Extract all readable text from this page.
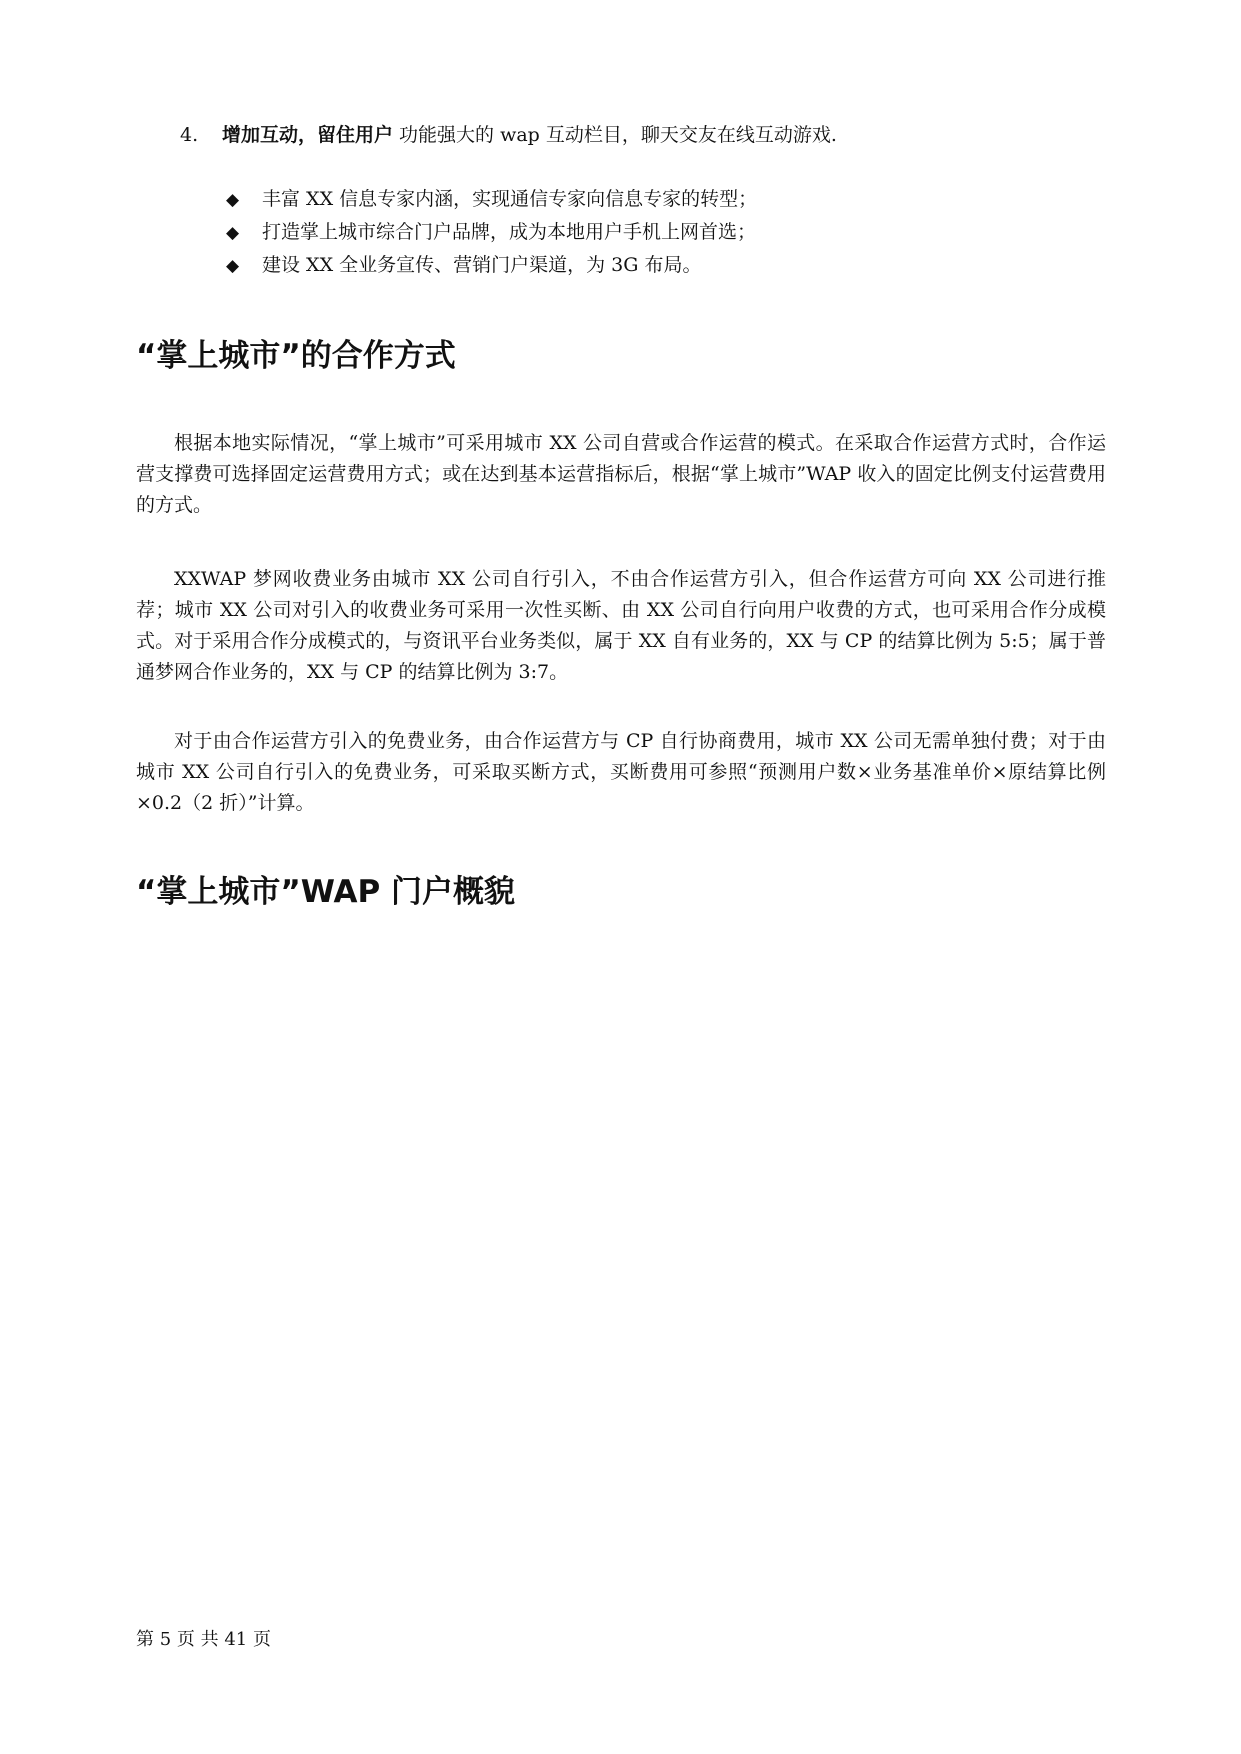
4. 增加互动，留住用户 功能强大的 wap 互动栏目，聊天交友在线互动游戏.
◆ 丰富 XX 信息专家内涵，实现通信专家向信息专家的转型；
◆ 打造掌上城市综合门户品牌，成为本地用户手机上网首选；
◆ 建设 XX 全业务宣传、营销门户渠道，为 3G 布局。
“掌上城市”的合作方式

根据本地实际情况，“掌上城市”可采用城市 XX 公司自营或合作运营的模式。在采取合作运营方式时，合作运营支撑费可选择固定运营费用方式；或在达到基本运营指标后，根据“掌上城市”WAP 收入的固定比例支付运营费用的方式。

XXWAP 梦网收费业务由城市 XX 公司自行引入，不由合作运营方引入，但合作运营方可向 XX 公司进行推荐；城市 XX 公司对引入的收费业务可采用一次性买断、由 XX 公司自行向用户收费的方式，也可采用合作分成模式。对于采用合作分成模式的，与资讯平台业务类似，属于 XX 自有业务的，XX 与 CP 的结算比例为 5:5；属于普通梦网合作业务的，XX 与 CP 的结算比例为 3:7。

对于由合作运营方引入的免费业务，由合作运营方与 CP 自行协商费用，城市 XX 公司无需单独付费；对于由城市 XX 公司自行引入的免费业务，可采取买断方式，买断费用可参照“预测用户数×业务基准单价×原结算比例×0.2（2 折）”计算。

“掌上城市”WAP 门户概貌
第 5 页 共 41 页
